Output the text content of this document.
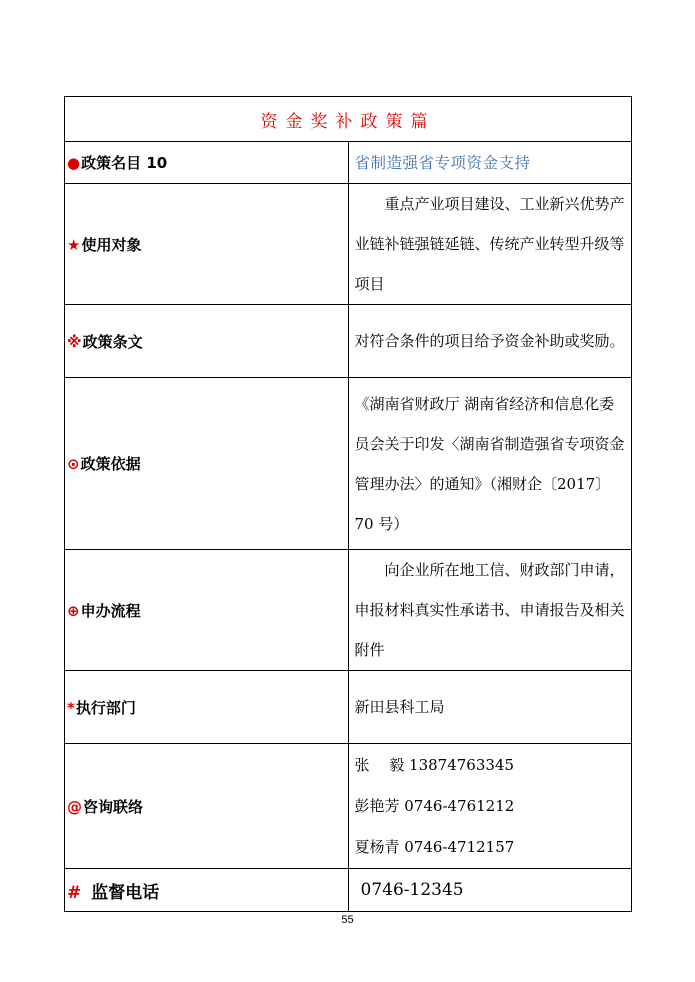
资金奖补政策篇	
●政策名目 10	省制造强省专项资金支持
★使用对象	重点产业项目建设、工业新兴优势产业链补链强链延链、传统产业转型升级等项目
※政策条文	对符合条件的项目给予资金补助或奖励。
⊙政策依据	《湖南省财政厅 湖南省经济和信息化委员会关于印发〈湖南省制造强省专项资金管理办法〉的通知》（湘财企〔2017〕70 号）
⊕申办流程	向企业所在地工信、财政部门申请，申报材料真实性承诺书、申请报告及相关附件
*执行部门	新田县科工局
@咨询联络	张　 毅 13874763345
彭艳芳 0746-4761212
夏杨青 0746-4712157

# 监督电话	0746-12345
55
